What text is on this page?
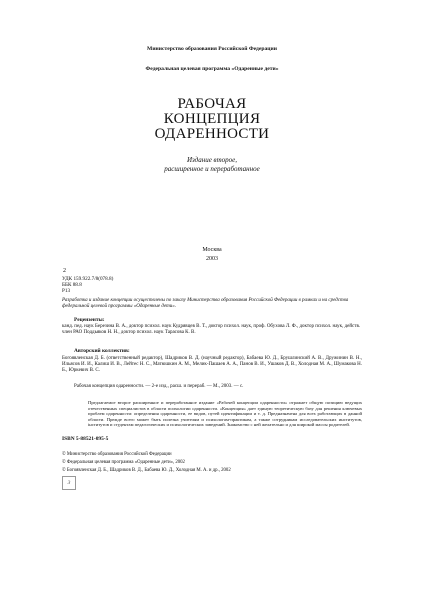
Министерство образования Российской Федерации
Федеральная целевая программа «Одаренные дети»
РАБОЧАЯ
КОНЦЕПЦИЯ
ОДАРЕННОСТИ
Издание второе,
расширенное и переработанное
Москва
2003
2
УДК 159.922.7/8(078.8)
ББК 88.8
Р13
Разработка и издание концепции осуществлены по заказу Министерства образования Российской Федерации в рамках и на средства федеральной целевой программы «Одаренные дети».
Рецензенты:
канд. пед. наук Березина В. А., доктор психол. наук Кудрявцев В. Т., доктор психол. наук, проф. Обухова Л. Ф., доктор психол. наук, действ. член РАО Поддьяков Н. Н., доктор психол. наук Тарасова К. В.
Авторский коллектив:
Богоявленская Д. Б. (ответственный редактор), Шадриков В. Д. (научный редактор), Бабаева Ю. Д., Брушлинский А. В., Дружинин В. Н., Ильясов И. И., Калиш И. В., Лейтес Н. С., Матюшкин А. М., Мелик-Пашаев А. А., Панов В. И., Ушаков Д. В., Холодная М. А., Шумакова Н. Б., Юркевич В. С.
Рабочая концепция одаренности. — 2-е изд., расш. и перераб. — М., 2003. — с.
Предлагаемое второе расширенное и переработанное издание «Рабочей концепции одаренности» отражает общую позицию ведущих отечественных специалистов в области психологии одаренности. «Концепция» дает единую теоретическую базу для решения ключевых проблем одаренности: определения одаренности, ее видов, путей идентификации и т. д. Предназначена для всех работающих в данной области. Прежде всего может быть полезна учителям и психологам-практикам, а также сотрудникам исследовательских институтов, інститутов и студентам педагогических и психологических заведений. Знакомство с ней желательно и для широкой массы родителей.
ISBN 5-88521-095-5
© Министерство образования Российской Федерации
© Федеральная целевая программа «Одаренные дети», 2002
© Богоявленская Д. Б., Шадриков В. Д., Бабаева Ю. Д., Холодная М. А. и др., 2002
3
